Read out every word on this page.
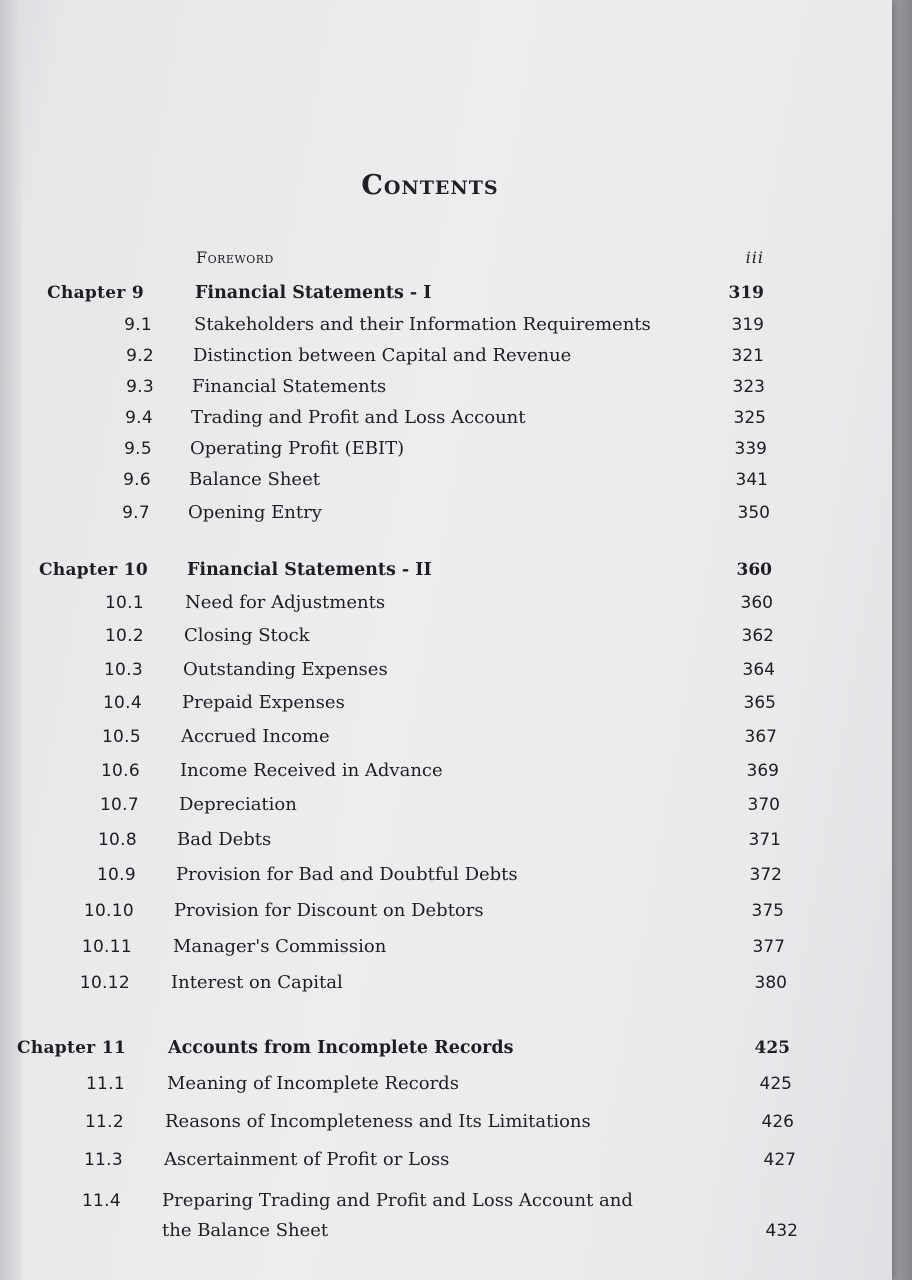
Contents
Foreword	iii
Chapter 9	Financial Statements - I	319
9.1 Stakeholders and their Information Requirements	319
9.2 Distinction between Capital and Revenue	321
9.3 Financial Statements	323
9.4 Trading and Profit and Loss Account	325
9.5 Operating Profit (EBIT)	339
9.6 Balance Sheet	341
9.7 Opening Entry	350
Chapter 10 Financial Statements - II	360
10.1 Need for Adjustments	360
10.2 Closing Stock	362
10.3 Outstanding Expenses	364
10.4 Prepaid Expenses	365
10.5 Accrued Income	367
10.6 Income Received in Advance	369
10.7 Depreciation	370
10.8 Bad Debts	371
10.9 Provision for Bad and Doubtful Debts	372
10.10 Provision for Discount on Debtors	375
10.11 Manager's Commission	377
10.12 Interest on Capital	380
Chapter 11 Accounts from Incomplete Records	425
11.1 Meaning of Incomplete Records	425
11.2 Reasons of Incompleteness and Its Limitations	426
11.3 Ascertainment of Profit or Loss	427
11.4 Preparing Trading and Profit and Loss Account and
the Balance Sheet	432
